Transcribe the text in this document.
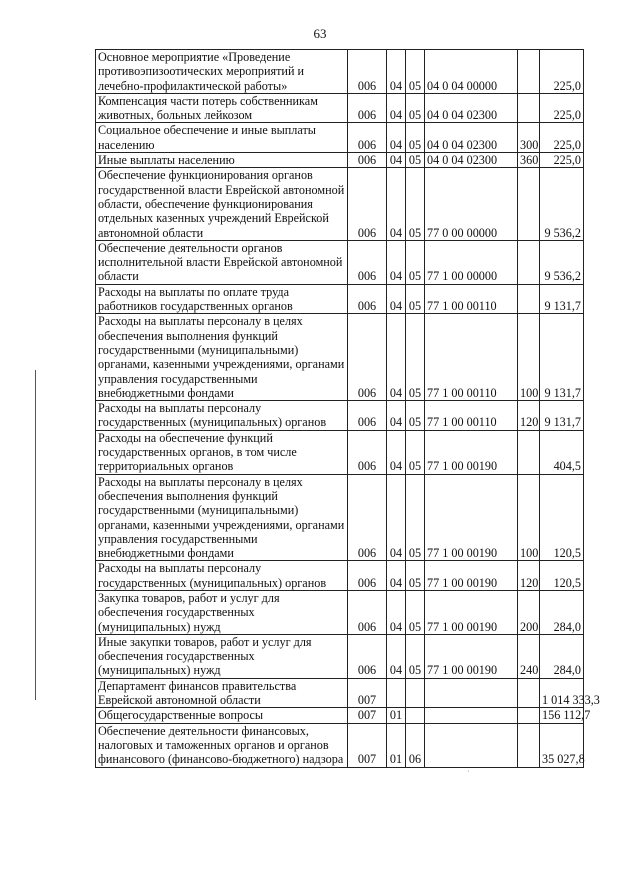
63
·
Основное мероприятие «Проведение противоэпизоотических мероприятий и лечебно-профилактической работы»	006	04	05	04 0 04 00000		225,0
Компенсация части потерь собственникам животных, больных лейкозом	006	04	05	04 0 04 02300		225,0
Социальное обеспечение и иные выплаты населению	006	04	05	04 0 04 02300	300	225,0
Иные выплаты населению	006	04	05	04 0 04 02300	360	225,0
Обеспечение функционирования органов государственной власти Еврейской автономной области, обеспечение функционирования отдельных казенных учреждений Еврейской автономной области	006	04	05	77 0 00 00000		9 536,2
Обеспечение деятельности органов исполнительной власти Еврейской автономной области	006	04	05	77 1 00 00000		9 536,2
Расходы на выплаты по оплате труда работников государственных органов	006	04	05	77 1 00 00110		9 131,7
Расходы на выплаты персоналу в целях обеспечения выполнения функций государственными (муниципальными) органами, казенными учреждениями, органами управления государственными внебюджетными фондами	006	04	05	77 1 00 00110	100	9 131,7
Расходы на выплаты персоналу государственных (муниципальных) органов	006	04	05	77 1 00 00110	120	9 131,7
Расходы на обеспечение функций государственных органов, в том числе территориальных органов	006	04	05	77 1 00 00190		404,5
Расходы на выплаты персоналу в целях обеспечения выполнения функций государственными (муниципальными) органами, казенными учреждениями, органами управления государственными внебюджетными фондами	006	04	05	77 1 00 00190	100	120,5
Расходы на выплаты персоналу государственных (муниципальных) органов	006	04	05	77 1 00 00190	120	120,5
Закупка товаров, работ и услуг для обеспечения государственных (муниципальных) нужд	006	04	05	77 1 00 00190	200	284,0
Иные закупки товаров, работ и услуг для обеспечения государственных (муниципальных) нужд	006	04	05	77 1 00 00190	240	284,0
Департамент финансов правительства Еврейской автономной области	007					1 014 333,3
Общегосударственные вопросы	007	01				156 112,7
Обеспечение деятельности финансовых, налоговых и таможенных органов и органов финансового (финансово-бюджетного) надзора	007	01	06			35 027,8
